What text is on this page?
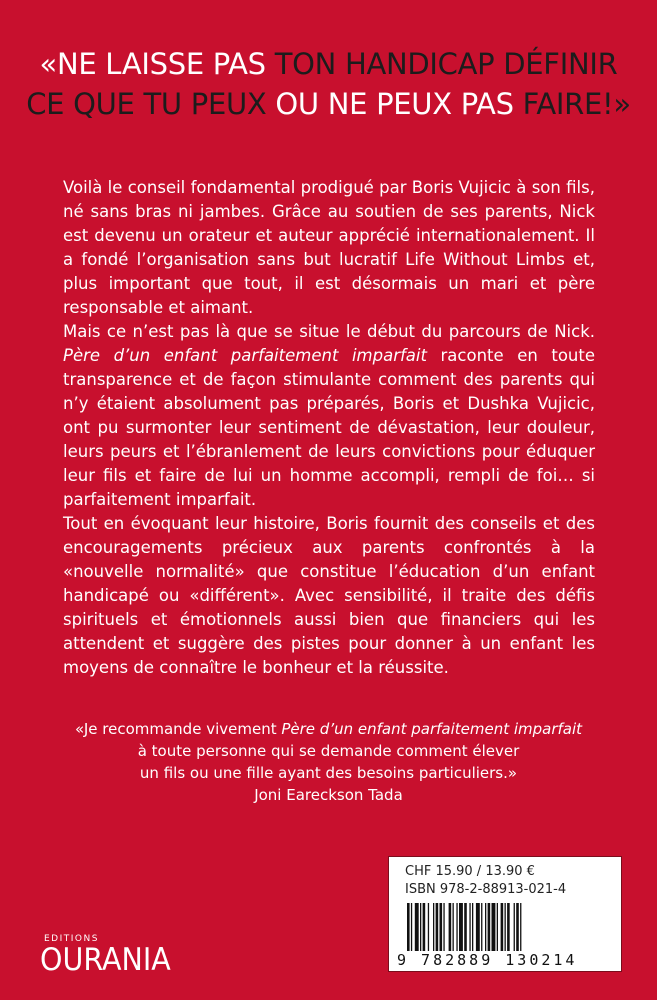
«NE LAISSE PAS TON HANDICAP DÉFINIR
CE QUE TU PEUX OU NE PEUX PAS FAIRE!»

Voilà le conseil fondamental prodigué par Boris Vujicic à son fils, né sans bras ni jambes. Grâce au soutien de ses parents, Nick est devenu un orateur et auteur apprécié internationalement. Il a fondé l’organisation sans but lucratif Life Without Limbs et, plus important que tout, il est désormais un mari et père responsable et aimant.

Mais ce n’est pas là que se situe le début du parcours de Nick. Père d’un enfant parfaitement imparfait raconte en toute transparence et de façon stimulante comment des parents qui n’y étaient absolument pas préparés, Boris et Dushka Vujicic, ont pu surmonter leur sentiment de dévastation, leur douleur, leurs peurs et l’ébranlement de leurs convictions pour éduquer leur fils et faire de lui un homme accompli, rempli de foi… si parfaitement imparfait.

Tout en évoquant leur histoire, Boris fournit des conseils et des encouragements précieux aux parents confrontés à la «nouvelle normalité» que constitue l’éducation d’un enfant handicapé ou «différent». Avec sensibilité, il traite des défis spirituels et émotionnels aussi bien que financiers qui les attendent et suggère des pistes pour donner à un enfant les moyens de connaître le bonheur et la réussite.

«Je recommande vivement Père d’un enfant parfaitement imparfait
à toute personne qui se demande comment élever
un fils ou une fille ayant des besoins particuliers.»
Joni Eareckson Tada
CHF 15.90 / 13.90 €
ISBN 978-2-88913-021-4
9 782889 130214
EDITIONS
OURANIA
